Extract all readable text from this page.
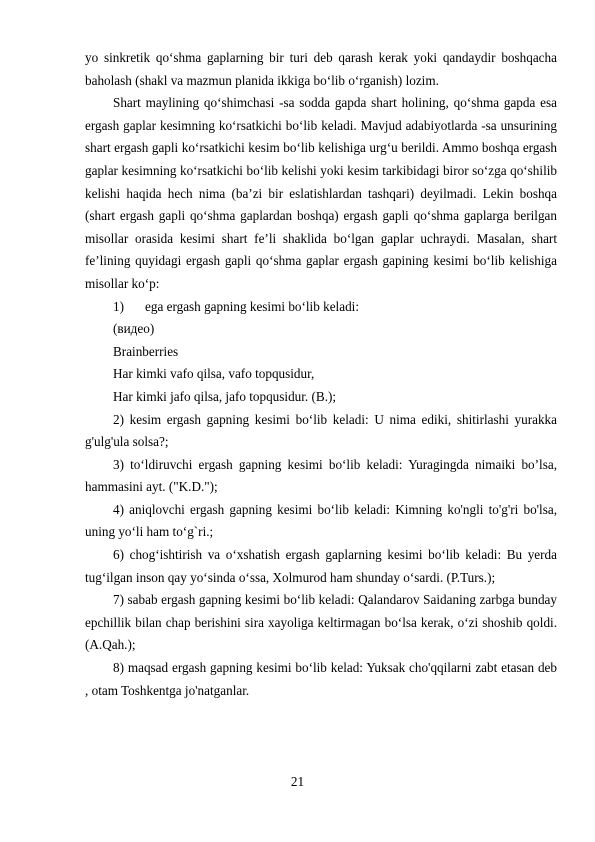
yo sinkretik qo‘shma gaplarning bir turi deb qarash kerak yoki qandaydir boshqacha baholash (shakl va mazmun planida ikkiga bo‘lib o‘rganish) lozim.

Shart maylining qo‘shimchasi -sa sodda gapda shart holining, qo‘shma gapda esa ergash gaplar kesimning ko‘rsatkichi bo‘lib keladi. Mavjud adabiyotlarda -sa unsurining shart ergash gapli ko‘rsatkichi kesim bo‘lib kelishiga urg‘u berildi. Ammo boshqa ergash gaplar kesimning ko‘rsatkichi bo‘lib kelishi yoki kesim tarkibidagi biror so‘zga qo‘shilib kelishi haqida hech nima (ba’zi bir eslatishlardan tashqari) deyilmadi. Lekin boshqa (shart ergash gapli qo‘shma gaplardan boshqa) ergash gapli qo‘shma gaplarga berilgan misollar orasida kesimi shart fe’li shaklida bo‘lgan gaplar uchraydi. Masalan, shart fe’lining quyidagi ergash gapli qo‘shma gaplar ergash gapining kesimi bo‘lib kelishiga misollar ko‘p:

1) ega ergash gapning kesimi bo‘lib keladi:

(видео)

Brainberries

Har kimki vafo qilsa, vafo topqusidur,

Har kimki jafo qilsa, jafo topqusidur. (B.);

2) kesim ergash gapning kesimi bo‘lib keladi: U nima ediki, shitirlashi yurakka g'ulg'ula solsa?;

3) to‘ldiruvchi ergash gapning kesimi bo‘lib keladi: Yuragingda nimaiki bo’lsa, hammasini ayt. ("K.D.");

4) aniqlovchi ergash gapning kesimi bo‘lib keladi: Kimning ko'ngli to'g'ri bo'lsa, uning yo‘li ham to‘g`ri.;

6) chog‘ishtirish va o‘xshatish ergash gaplarning kesimi bo‘lib keladi: Bu yerda tug‘ilgan inson qay yo‘sinda o‘ssa, Xolmurod ham shunday o‘sardi. (P.Turs.);

7) sabab ergash gapning kesimi bo‘lib keladi: Qalandarov Saidaning zarbga bunday epchillik bilan chap berishini sira xayoliga keltirmagan bo‘lsa kerak, o‘zi shoshib qoldi. (A.Qah.);

8) maqsad ergash gapning kesimi bo‘lib kelad: Yuksak cho'qqilarni zabt etasan deb , otam Toshkentga jo'natganlar.

21
